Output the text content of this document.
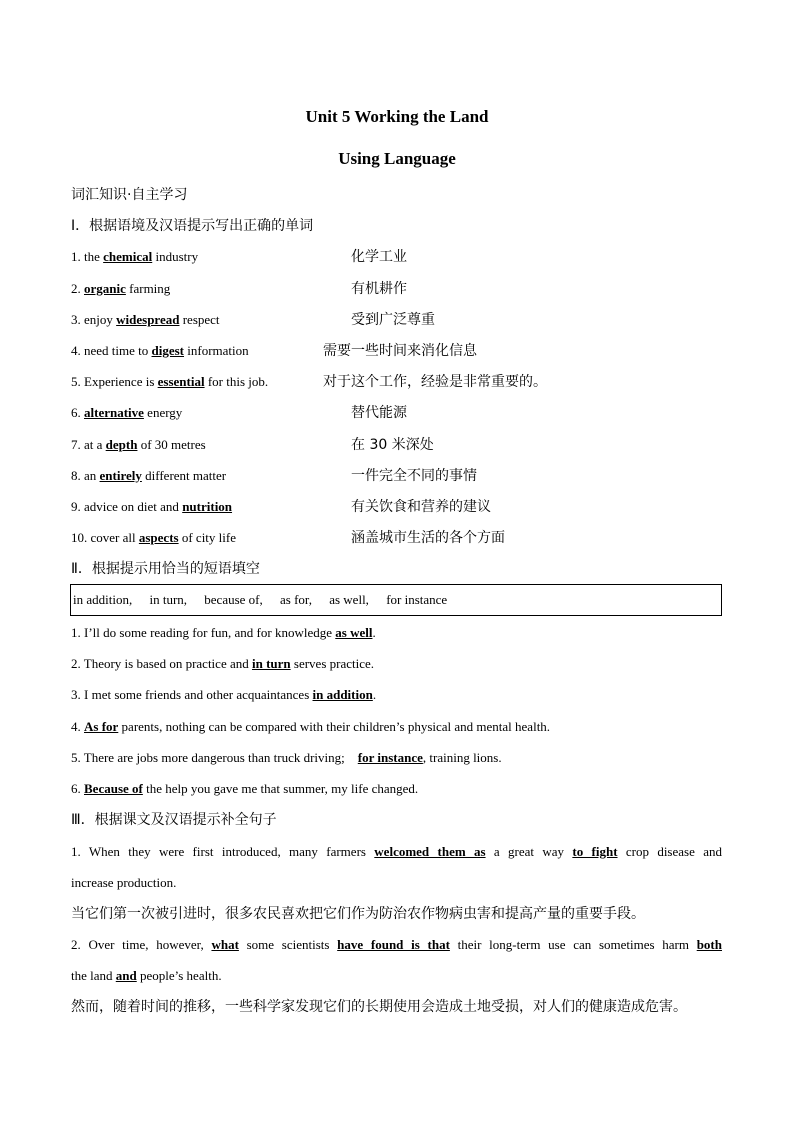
Unit 5 Working the Land
Using Language
词汇知识·自主学习
Ⅰ．根据语境及汉语提示写出正确的单词
1. the chemical industry	化学工业
2. organic farming	有机耕作
3. enjoy widespread respect	受到广泛尊重
4. need time to digest information	需要一些时间来消化信息
5. Experience is essential for this job.	对于这个工作，经验是非常重要的。
6. alternative energy	替代能源
7. at a depth of 30 metres	在 30 米深处
8. an entirely different matter	一件完全不同的事情
9. advice on diet and nutrition	有关饮食和营养的建议
10. cover all aspects of city life	涵盖城市生活的各个方面
Ⅱ．根据提示用恰当的短语填空
in addition, in turn, because of, as for, as well, for instance
1. I’ll do some reading for fun, and for knowledge as well.
2. Theory is based on practice and in turn serves practice.
3. I met some friends and other acquaintances in addition.
4. As for parents, nothing can be compared with their children’s physical and mental health.
5. There are jobs more dangerous than truck driving;    for instance, training lions.
6. Because of the help you gave me that summer, my life changed.
Ⅲ．根据课文及汉语提示补全句子
1. When they were first introduced, many farmers welcomed them as a great way to fight crop disease and
increase production.
当它们第一次被引进时，很多农民喜欢把它们作为防治农作物病虫害和提高产量的重要手段。
2. Over time, however, what some scientists have found is that their long-term use can sometimes harm both
the land and people’s health.
然而，随着时间的推移，一些科学家发现它们的长期使用会造成土地受损，对人们的健康造成危害。
